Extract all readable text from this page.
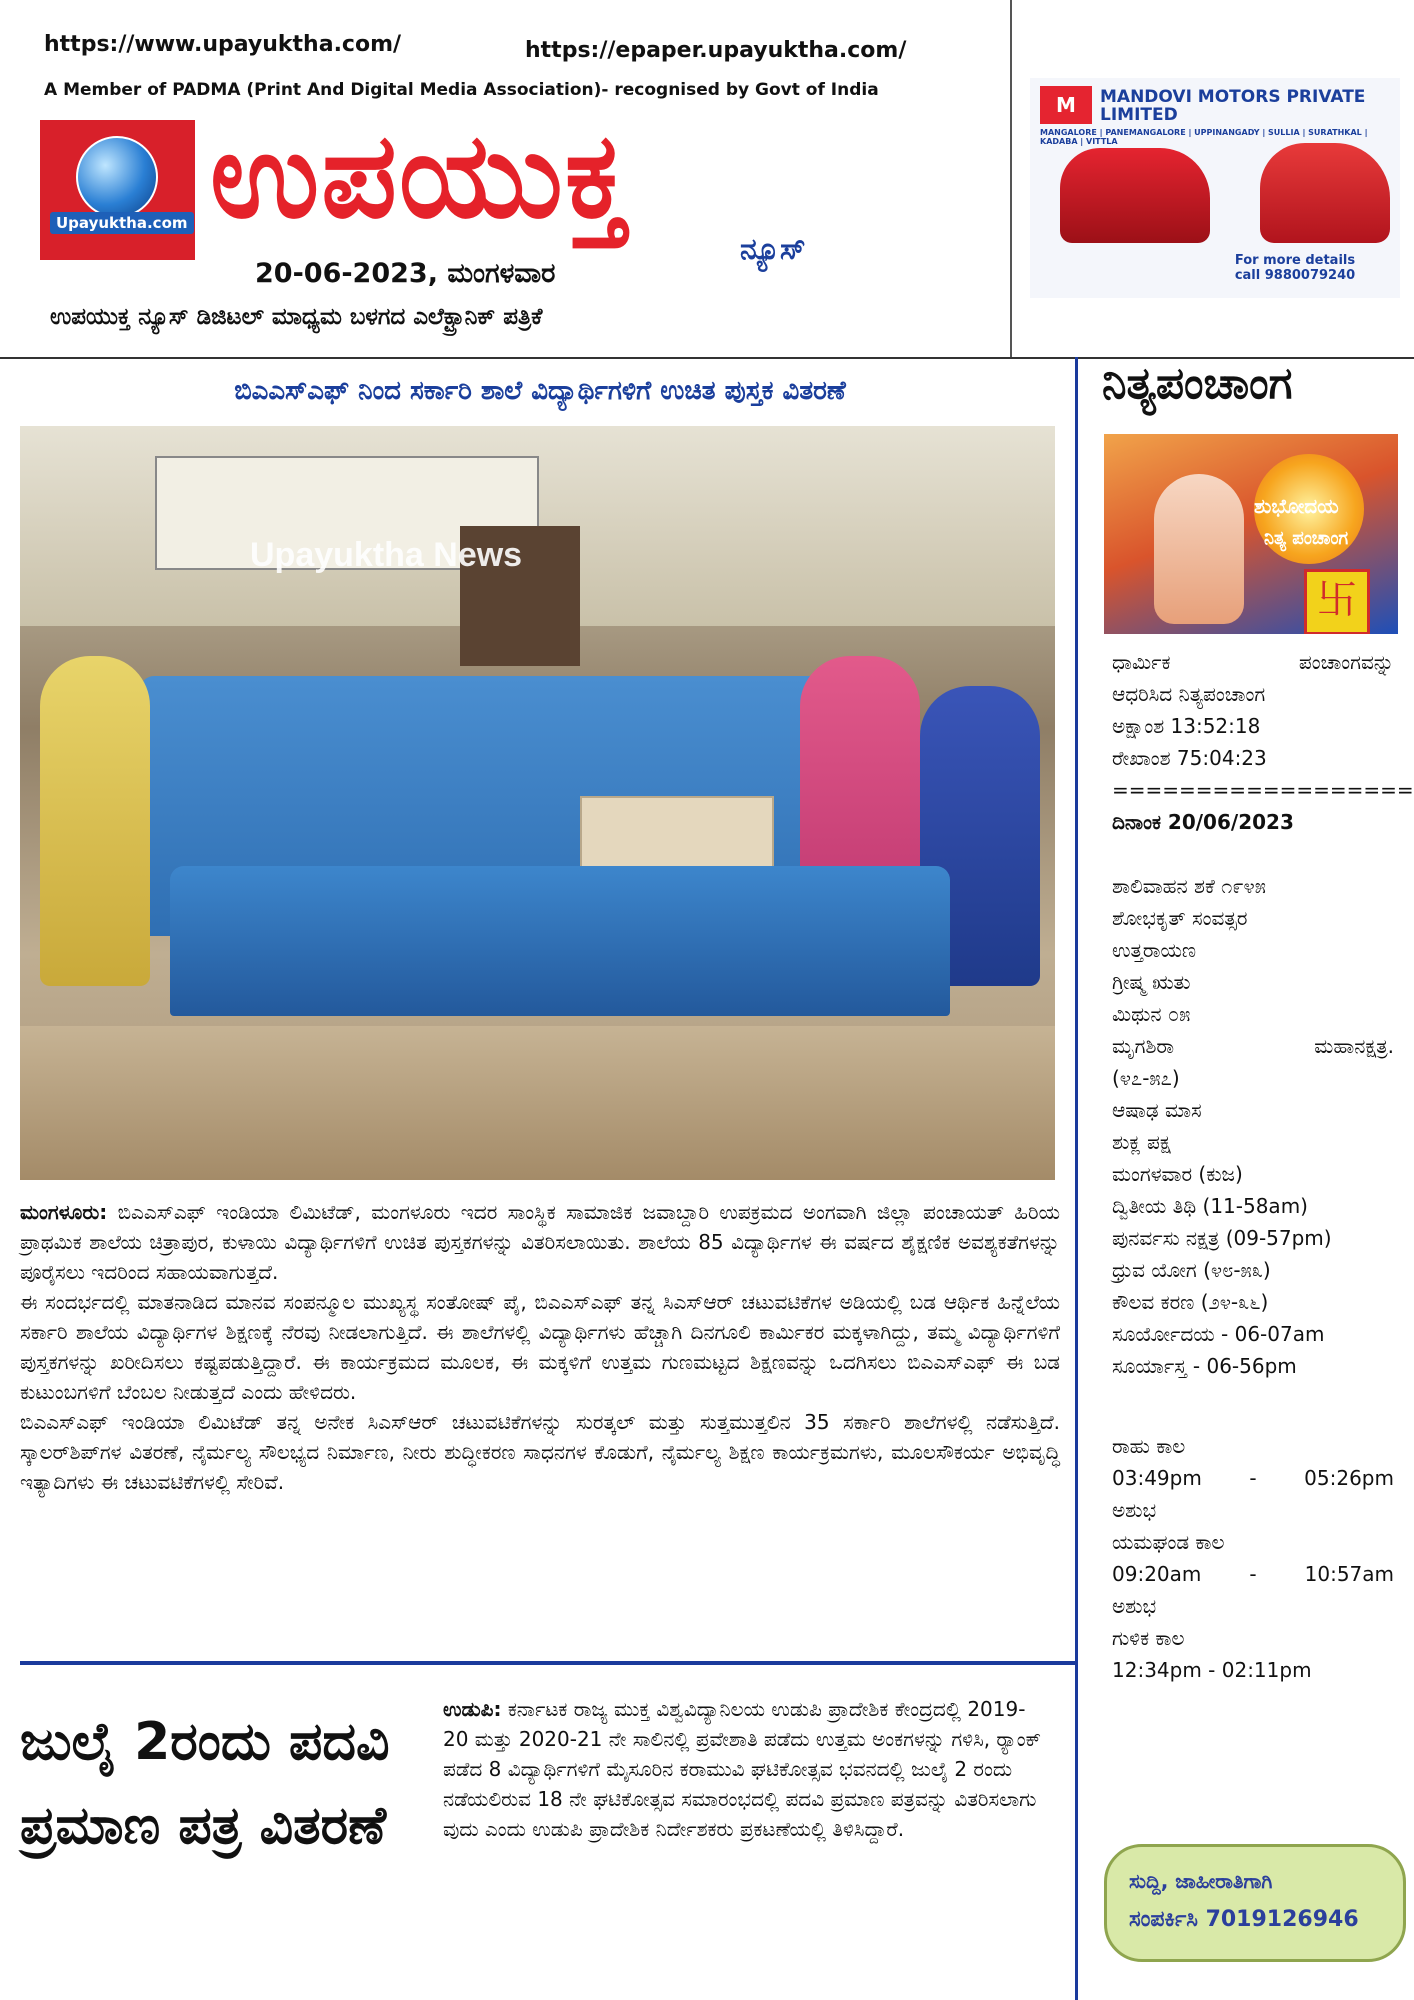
https://www.upayuktha.com/	https://epaper.upayuktha.com/
A Member of PADMA (Print And Digital Media Association)- recognised by Govt of India
Upayuktha.com ಉಪಯುಕ್ತ
ನ್ಯೂಸ್
20-06-2023, ಮಂಗಳವಾರ
ಉಪಯುಕ್ತ ನ್ಯೂಸ್ ಡಿಜಿಟಲ್ ಮಾಧ್ಯಮ ಬಳಗದ ಎಲೆಕ್ಟ್ರಾನಿಕ್ ಪತ್ರಿಕೆ
M	MANDOVI MOTORS PRIVATE LIMITED
MANGALORE | PANEMANGALORE | UPPINANGADY | SULLIA | SURATHKAL | KADABA | VITTLA
For more details call 9880079240
ಬಿಎಎಸ್‌ಎಫ್ ನಿಂದ ಸರ್ಕಾರಿ ಶಾಲೆ ವಿದ್ಯಾರ್ಥಿಗಳಿಗೆ ಉಚಿತ ಪುಸ್ತಕ ವಿತರಣೆ
Upayuktha News
ಮಂಗಳೂರು: ಬಿಎಎಸ್‌ಎಫ್ ಇಂಡಿಯಾ ಲಿಮಿಟೆಡ್, ಮಂಗಳೂರು ಇದರ ಸಾಂಸ್ಥಿಕ ಸಾಮಾಜಿಕ ಜವಾಬ್ದಾರಿ ಉಪಕ್ರಮದ ಅಂಗವಾಗಿ ಜಿಲ್ಲಾ ಪಂಚಾಯತ್ ಹಿರಿಯ ಪ್ರಾಥಮಿಕ ಶಾಲೆಯ ಚಿತ್ರಾಪುರ, ಕುಳಾಯಿ ವಿದ್ಯಾರ್ಥಿಗಳಿಗೆ ಉಚಿತ ಪುಸ್ತಕಗಳನ್ನು ವಿತರಿಸಲಾಯಿತು. ಶಾಲೆಯ 85 ವಿದ್ಯಾರ್ಥಿಗಳ ಈ ವರ್ಷದ ಶೈಕ್ಷಣಿಕ ಅವಶ್ಯಕತೆಗಳನ್ನು ಪೂರೈಸಲು ಇದರಿಂದ ಸಹಾಯವಾಗುತ್ತದೆ.
ಈ ಸಂದರ್ಭದಲ್ಲಿ ಮಾತನಾಡಿದ ಮಾನವ ಸಂಪನ್ಮೂಲ ಮುಖ್ಯಸ್ಥ ಸಂತೋಷ್ ಪೈ, ಬಿಎಎಸ್‌ಎಫ್ ತನ್ನ ಸಿಎಸ್‌ಆರ್ ಚಟುವಟಿಕೆಗಳ ಅಡಿಯಲ್ಲಿ ಬಡ ಆರ್ಥಿಕ ಹಿನ್ನೆಲೆಯ ಸರ್ಕಾರಿ ಶಾಲೆಯ ವಿದ್ಯಾರ್ಥಿಗಳ ಶಿಕ್ಷಣಕ್ಕೆ ನೆರವು ನೀಡಲಾಗುತ್ತಿದೆ. ಈ ಶಾಲೆಗಳಲ್ಲಿ ವಿದ್ಯಾರ್ಥಿಗಳು ಹೆಚ್ಚಾಗಿ ದಿನಗೂಲಿ ಕಾರ್ಮಿಕರ ಮಕ್ಕಳಾಗಿದ್ದು, ತಮ್ಮ ವಿದ್ಯಾರ್ಥಿಗಳಿಗೆ ಪುಸ್ತಕಗಳನ್ನು ಖರೀದಿಸಲು ಕಷ್ಟಪಡುತ್ತಿದ್ದಾರೆ. ಈ ಕಾರ್ಯಕ್ರಮದ ಮೂಲಕ, ಈ ಮಕ್ಕಳಿಗೆ ಉತ್ತಮ ಗುಣಮಟ್ಟದ ಶಿಕ್ಷಣವನ್ನು ಒದಗಿಸಲು ಬಿಎಎಸ್‌ಎಫ್ ಈ ಬಡ ಕುಟುಂಬಗಳಿಗೆ ಬೆಂಬಲ ನೀಡುತ್ತದೆ ಎಂದು ಹೇಳಿದರು.
ಬಿಎಎಸ್‌ಎಫ್ ಇಂಡಿಯಾ ಲಿಮಿಟೆಡ್ ತನ್ನ ಅನೇಕ ಸಿಎಸ್‌ಆರ್ ಚಟುವಟಿಕೆಗಳನ್ನು ಸುರತ್ಕಲ್ ಮತ್ತು ಸುತ್ತಮುತ್ತಲಿನ 35 ಸರ್ಕಾರಿ ಶಾಲೆಗಳಲ್ಲಿ ನಡೆಸುತ್ತಿದೆ. ಸ್ಕಾಲರ್‌ಶಿಪ್‌ಗಳ ವಿತರಣೆ, ನೈರ್ಮಲ್ಯ ಸೌಲಭ್ಯದ ನಿರ್ಮಾಣ, ನೀರು ಶುದ್ಧೀಕರಣ ಸಾಧನಗಳ ಕೊಡುಗೆ, ನೈರ್ಮಲ್ಯ ಶಿಕ್ಷಣ ಕಾರ್ಯಕ್ರಮಗಳು, ಮೂಲಸೌಕರ್ಯ ಅಭಿವೃದ್ಧಿ ಇತ್ಯಾದಿಗಳು ಈ ಚಟುವಟಿಕೆಗಳಲ್ಲಿ ಸೇರಿವೆ.
ಜುಲೈ 2ರಂದು ಪದವಿ ಪ್ರಮಾಣ ಪತ್ರ ವಿತರಣೆ
ಉಡುಪಿ: ಕರ್ನಾಟಕ ರಾಜ್ಯ ಮುಕ್ತ ವಿಶ್ವವಿದ್ಯಾನಿಲಯ ಉಡುಪಿ ಪ್ರಾದೇಶಿಕ ಕೇಂದ್ರದಲ್ಲಿ 2019-20 ಮತ್ತು 2020-21 ನೇ ಸಾಲಿನಲ್ಲಿ ಪ್ರವೇಶಾತಿ ಪಡೆದು ಉತ್ತಮ ಅಂಕಗಳನ್ನು ಗಳಿಸಿ, ರ್‍ಯಾಂಕ್ ಪಡೆದ 8 ವಿದ್ಯಾರ್ಥಿಗಳಿಗೆ ಮೈಸೂರಿನ ಕರಾಮುವಿ ಘಟಿಕೋತ್ಸವ ಭವನದಲ್ಲಿ ಜುಲೈ 2 ರಂದು ನಡೆಯಲಿರುವ 18 ನೇ ಘಟಿಕೋತ್ಸವ ಸಮಾರಂಭದಲ್ಲಿ ಪದವಿ ಪ್ರಮಾಣ ಪತ್ರವನ್ನು ವಿತರಿಸಲಾಗು ವುದು ಎಂದು ಉಡುಪಿ ಪ್ರಾದೇಶಿಕ ನಿರ್ದೇಶಕರು ಪ್ರಕಟಣೆಯಲ್ಲಿ ತಿಳಿಸಿದ್ದಾರೆ.
ನಿತ್ಯಪಂಚಾಂಗ
ಶುಭೋದಯ
ನಿತ್ಯ ಪಂಚಾಂಗ
卐
ಧಾರ್ಮಿಕ	ಪಂಚಾಂಗವನ್ನು
ಆಧರಿಸಿದ ನಿತ್ಯಪಂಚಾಂಗ
ಅಕ್ಷಾಂಶ 13:52:18
ರೇಖಾಂಶ 75:04:23
==================
ದಿನಾಂಕ 20/06/2023
ಶಾಲಿವಾಹನ ಶಕೆ ೧೯೪೫
ಶೋಭಕೃತ್ ಸಂವತ್ಸರ
ಉತ್ತರಾಯಣ
ಗ್ರೀಷ್ಮ ಋತು
ಮಿಥುನ ೦೫
ಮೃಗಶಿರಾ	ಮಹಾನಕ್ಷತ್ರ.
(೪೭-೫೭)
ಆಷಾಢ ಮಾಸ
ಶುಕ್ಲ ಪಕ್ಷ
ಮಂಗಳವಾರ (ಕುಜ)
ದ್ವಿತೀಯ ತಿಥಿ (11-58am)
ಪುನರ್ವಸು ನಕ್ಷತ್ರ (09-57pm)
ಧ್ರುವ ಯೋಗ (೪೮-೫೩)
ಕೌಲವ ಕರಣ (೨೪-೩೬)
ಸೂರ್ಯೋದಯ - 06-07am
ಸೂರ್ಯಾಸ್ತ - 06-56pm
ರಾಹು ಕಾಲ
03:49pm - 05:26pm
ಅಶುಭ
ಯಮಘಂಡ ಕಾಲ
09:20am - 10:57am
ಅಶುಭ
ಗುಳಿಕ ಕಾಲ
12:34pm - 02:11pm
ಸುದ್ದಿ, ಜಾಹೀರಾತಿಗಾಗಿ
ಸಂಪರ್ಕಿಸಿ 7019126946
